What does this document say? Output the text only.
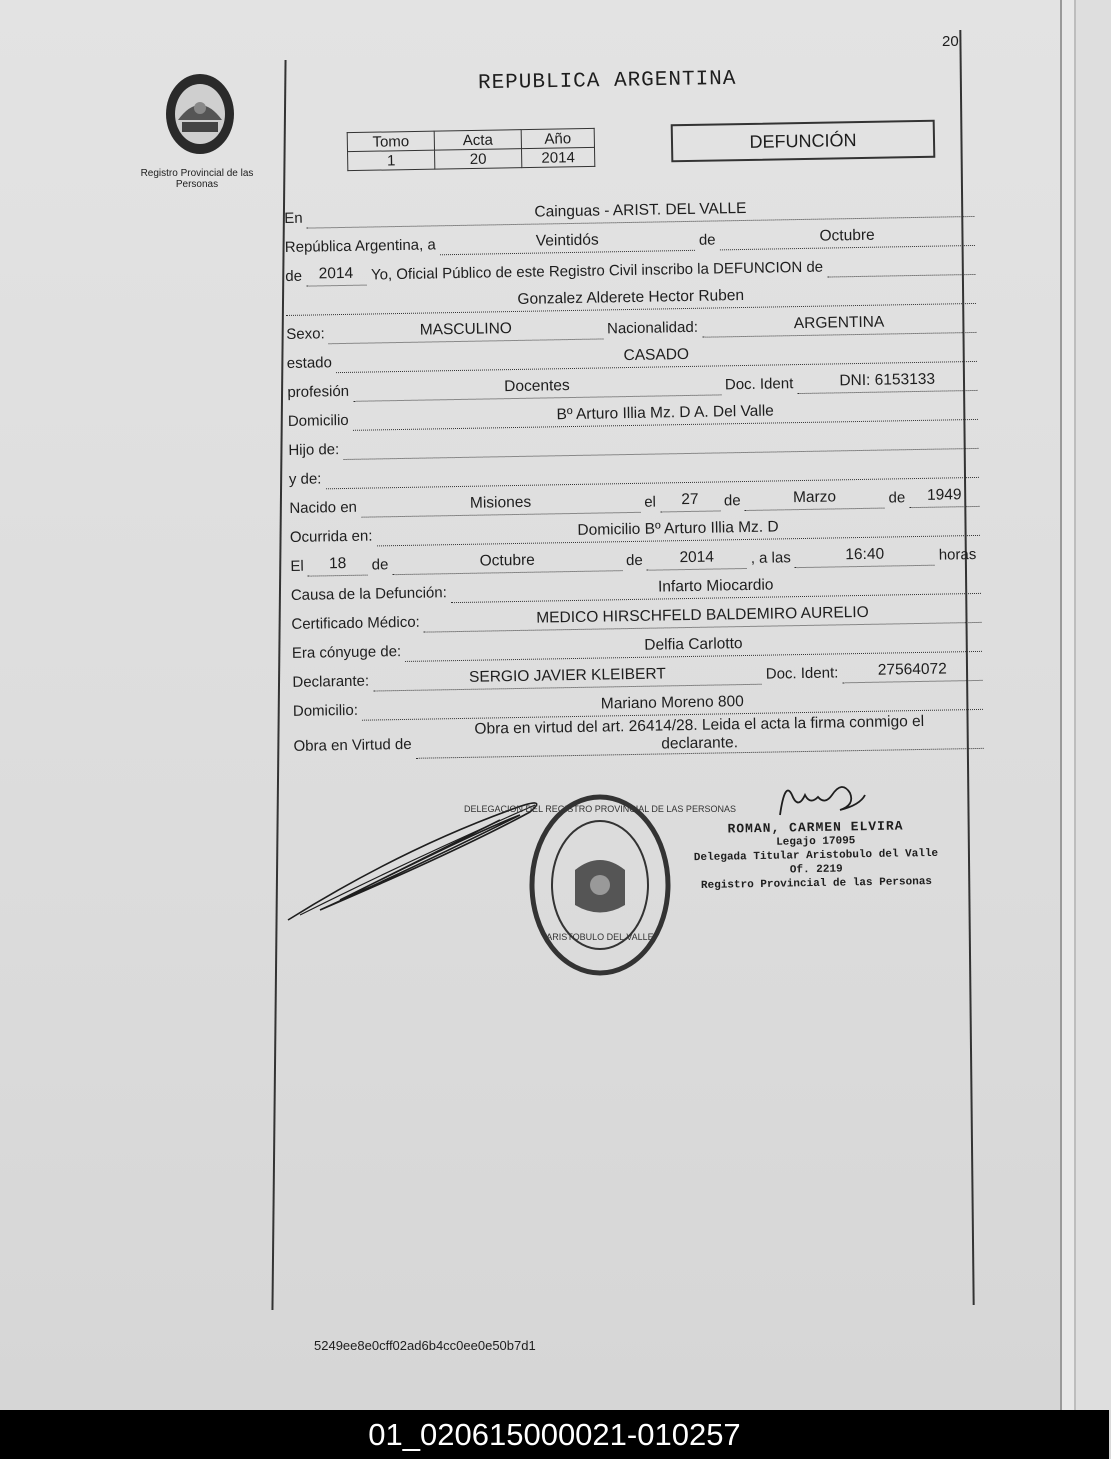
20
Registro Provincial de las Personas
REPUBLICA ARGENTINA
Tomo	Acta	Año
1	20	2014
DEFUNCIÓN
En	Cainguas - ARIST. DEL VALLE
República Argentina, a	Veintidós	de	Octubre
de	2014	Yo, Oficial Público de este Registro Civil inscribo la DEFUNCION de
Gonzalez Alderete Hector Ruben
Sexo:	MASCULINO	Nacionalidad:	ARGENTINA
estado	CASADO
profesión	Docentes	Doc. Ident	DNI: 6153133
Domicilio	Bº Arturo Illia Mz. D A. Del Valle
Hijo de:
y de:
Nacido en	Misiones	el	27	de	Marzo	de	1949
Ocurrida en:	Domicilio Bº Arturo Illia Mz. D
El	18	de	Octubre	de	2014	, a las	16:40	horas
Causa de la Defunción:	Infarto Miocardio
Certificado Médico:	MEDICO HIRSCHFELD BALDEMIRO AURELIO
Era cónyuge de:	Delfia Carlotto
Declarante:	SERGIO JAVIER KLEIBERT	Doc. Ident:	27564072
Domicilio:	Mariano Moreno 800
Obra en Virtud de
Obra en virtud del art. 26414/28. Leida el acta la firma conmigo el
declarante.
DELEGACION DEL REGISTRO PROVINCIAL DE LAS PERSONAS
ARISTOBULO DEL VALLE
ROMAN, CARMEN ELVIRA
Legajo 17095
Delegada Titular Aristobulo del Valle Of. 2219
Registro Provincial de las Personas
5249ee8e0cff02ad6b4cc0ee0e50b7d1
01_020615000021-010257
